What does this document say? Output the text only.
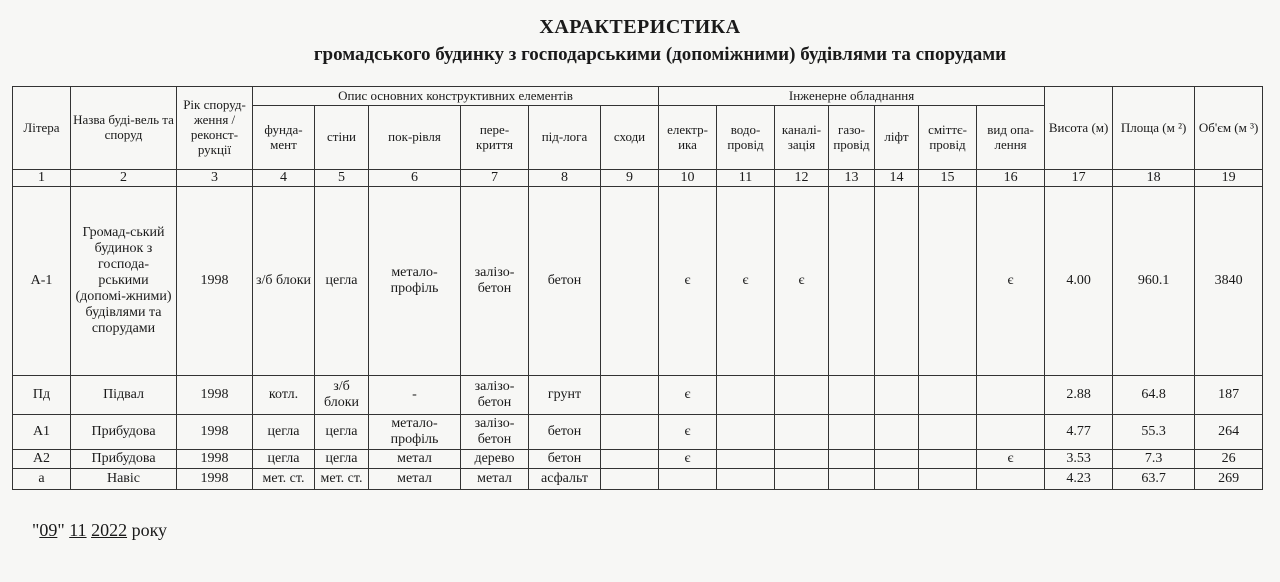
ХАРАКТЕРИСТИКА
громадського будинку з господарськими (допоміжними) будівлями та спорудами
Літера	Назва буді-вель та споруд	Рік споруд-ження / реконст-рукції	Опис основних конструктивних елементів						Інженерне обладнання							Висота (м)	Площа (м ²)	Об'єм (м ³)
			фунда-мент	стіни	пок-рівля	пере-криття	під-лога	сходи	електр-ика	водо-провід	каналі-зація	газо-провід	ліфт	сміттє-провід	вид опа-лення			
1	2	3	4	5	6	7	8	9	10	11	12	13	14	15	16	17	18	19
А-1	Громад-ський будинок з господа-рськими (допомі-жними) будівлями та спорудами	1998	з/б блоки	цегла	метало-профіль	залізо-бетон	бетон		є	є	є				є	4.00	960.1	3840
Пд	Підвал	1998	котл.	з/б блоки	-	залізо-бетон	грунт		є							2.88	64.8	187
А1	Прибудова	1998	цегла	цегла	метало-профіль	залізо-бетон	бетон		є							4.77	55.3	264
А2	Прибудова	1998	цегла	цегла	метал	дерево	бетон		є						є	3.53	7.3	26
а	Навіс	1998	мет. ст.	мет. ст.	метал	метал	асфальт									4.23	63.7	269
"09" 11 2022 року
